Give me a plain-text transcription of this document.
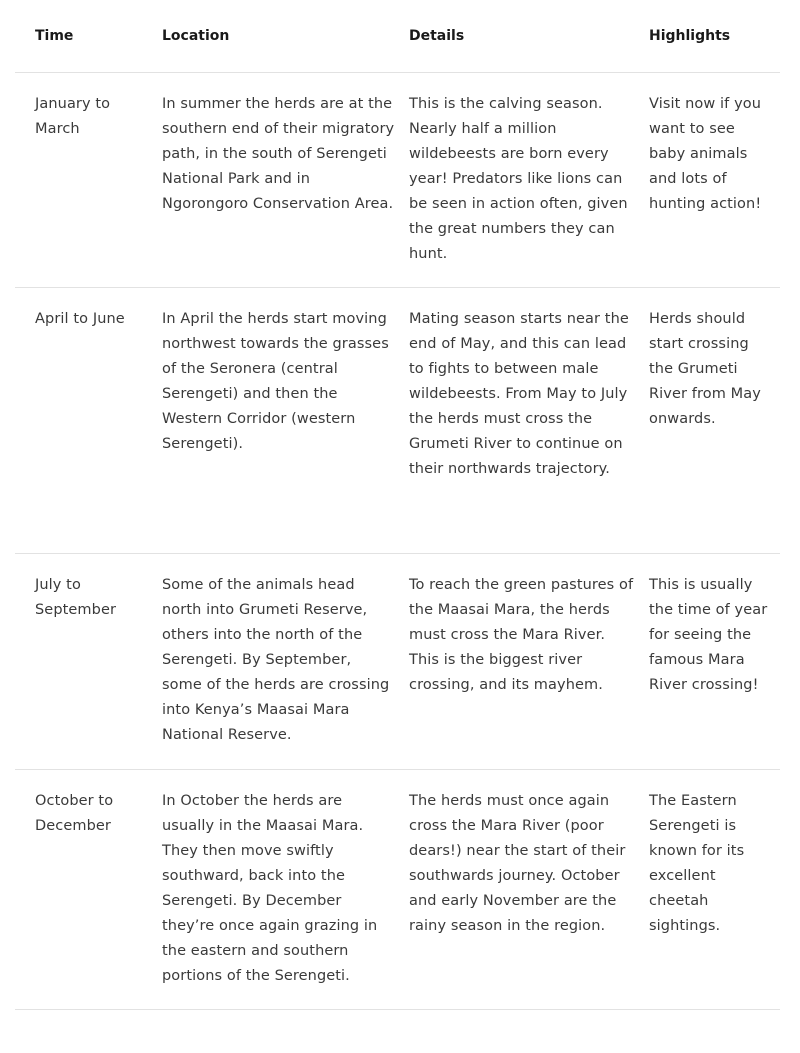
Time	Location	Details	Highlights

January to March	In summer the herds are at the southern end of their migratory path, in the south of Serengeti National Park and in Ngorongoro Conservation Area.	This is the calving season. Nearly half a million wildebeests are born every year! Predators like lions can be seen in action often, given the great numbers they can hunt.	Visit now if you want to see baby animals and lots of hunting action!

April to June	In April the herds start moving northwest towards the grasses of the Seronera (central Serengeti) and then the Western Corridor (western Serengeti).	Mating season starts near the end of May, and this can lead to fights to between male wildebeests. From May to July the herds must cross the Grumeti River to continue on their northwards trajectory.	Herds should start crossing the Grumeti River from May onwards.

July to September	Some of the animals head north into Grumeti Reserve, others into the north of the Serengeti. By September, some of the herds are crossing into Kenya’s Maasai Mara National Reserve.	To reach the green pastures of the Maasai Mara, the herds must cross the Mara River. This is the biggest river crossing, and its mayhem.	This is usually the time of year for seeing the famous Mara River crossing!

October to December	In October the herds are usually in the Maasai Mara. They then move swiftly southward, back into the Serengeti. By December they’re once again grazing in the eastern and southern portions of the Serengeti.	The herds must once again cross the Mara River (poor dears!) near the start of their southwards journey. October and early November are the rainy season in the region.	The Eastern Serengeti is known for its excellent cheetah sightings.
